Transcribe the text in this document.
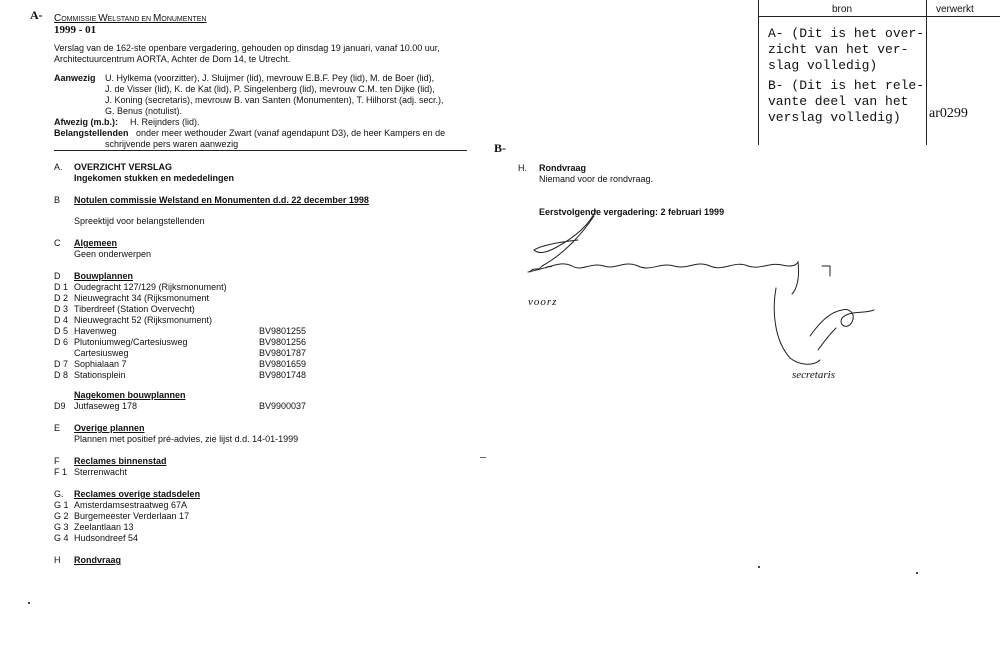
A- COMMISSIE WELSTAND EN MONUMENTEN
1999 - 01
Verslag van de 162-ste openbare vergadering, gehouden op dinsdag 19 januari, vanaf 10.00 uur,
Architectuurcentrum AORTA, Achter de Dom 14, te Utrecht.
Aanwezig U. Hylkema (voorzitter), J. Sluijmer (lid), mevrouw E.B.F. Pey (lid), M. de Boer (lid),
J. de Visser (lid), K. de Kat (lid), P. Singelenberg (lid), mevrouw C.M. ten Dijke (lid),
J. Koning (secretaris), mevrouw B. van Santen (Monumenten), T. Hilhorst (adj. secr.),
G. Benus (notulist).
Afwezig (m.b.): H. Reijnders (lid).
Belangstellenden onder meer wethouder Zwart (vanaf agendapunt D3), de heer Kampers en de
schrijvende pers waren aanwezig
A. OVERZICHT VERSLAG
Ingekomen stukken en mededelingen
B Notulen commissie Welstand en Monumenten d.d. 22 december 1998
Spreektijd voor belangstellenden
C Algemeen
Geen onderwerpen
D Bouwplannen
D 1 Oudegracht 127/129 (Rijksmonument)
D 2 Nieuwegracht 34 (Rijksmonument
D 3 Tiberdreef (Station Overvecht)
D 4 Nieuwegracht 52 (Rijksmonument)
D 5 Havenweg	BV9801255
D 6 Plutoniumweg/Cartesiusweg	BV9801256
Cartesiusweg	BV9801787
D 7 Sophialaan 7	BV9801659
D 8 Stationsplein	BV9801748
Nagekomen bouwplannen
D9 Jutfaseweg 178	BV9900037
E Overige plannen
Plannen met positief pré-advies, zie lijst d.d. 14-01-1999
F Reclames binnenstad
F 1 Sterrenwacht
G. Reclames overige stadsdelen
G 1 Amsterdamsestraatweg 67A
G 2 Burgemeester Verderlaan 17
G 3 Zeelantlaan 13
G 4 Hudsondreef 54
H Rondvraag
B-
H. Rondvraag
Niemand voor de rondvraag.
Eerstvolgende vergadering: 2 februari 1999
voorz
secretaris
bron	verwerkt
A- (Dit is het over-
zicht van het ver-
slag volledig)
B- (Dit is het rele-
vante deel van het
verslag volledig)	ar0299
